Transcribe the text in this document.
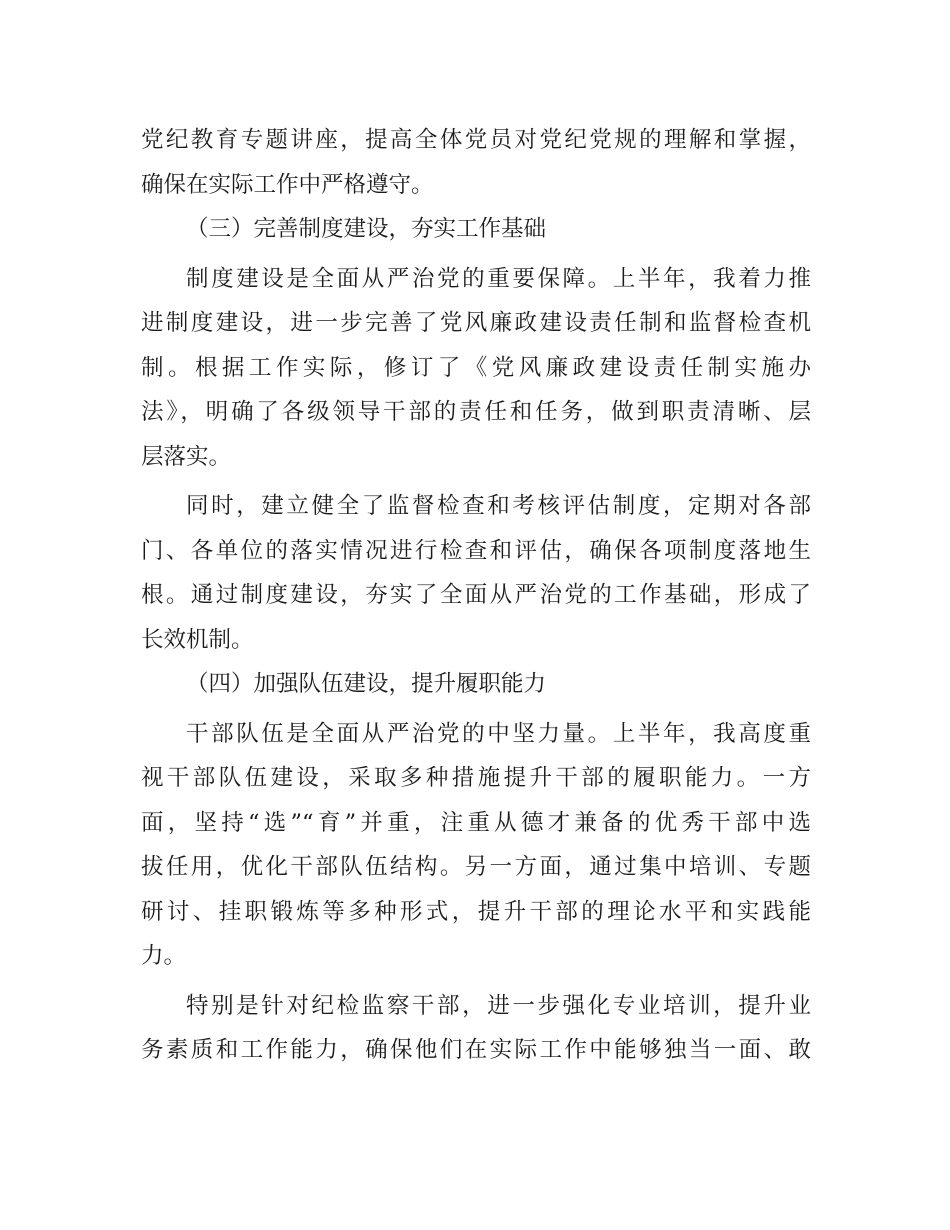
党纪教育专题讲座，提高全体党员对党纪党规的理解和掌握，
确保在实际工作中严格遵守。
（三）完善制度建设，夯实工作基础
制度建设是全面从严治党的重要保障。上半年，我着力推
进制度建设，进一步完善了党风廉政建设责任制和监督检查机
制。根据工作实际，修订了《党风廉政建设责任制实施办
法》，明确了各级领导干部的责任和任务，做到职责清晰、层
层落实。
同时，建立健全了监督检查和考核评估制度，定期对各部
门、各单位的落实情况进行检查和评估，确保各项制度落地生
根。通过制度建设，夯实了全面从严治党的工作基础，形成了
长效机制。
（四）加强队伍建设，提升履职能力
干部队伍是全面从严治党的中坚力量。上半年，我高度重
视干部队伍建设，采取多种措施提升干部的履职能力。一方
面，坚持“选”“育”并重，注重从德才兼备的优秀干部中选
拔任用，优化干部队伍结构。另一方面，通过集中培训、专题
研讨、挂职锻炼等多种形式，提升干部的理论水平和实践能
力。
特别是针对纪检监察干部，进一步强化专业培训，提升业
务素质和工作能力，确保他们在实际工作中能够独当一面、敢
